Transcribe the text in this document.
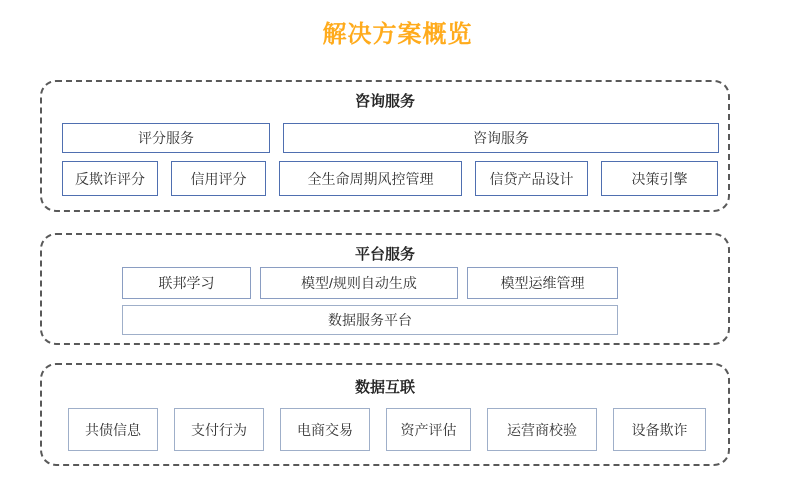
解决方案概览
咨询服务
评分服务	咨询服务
反欺诈评分	信用评分	全生命周期风控管理	信贷产品设计	决策引擎
平台服务
联邦学习	模型/规则自动生成	模型运维管理
数据服务平台
数据互联
共债信息	支付行为	电商交易	资产评估	运营商校验	设备欺诈
